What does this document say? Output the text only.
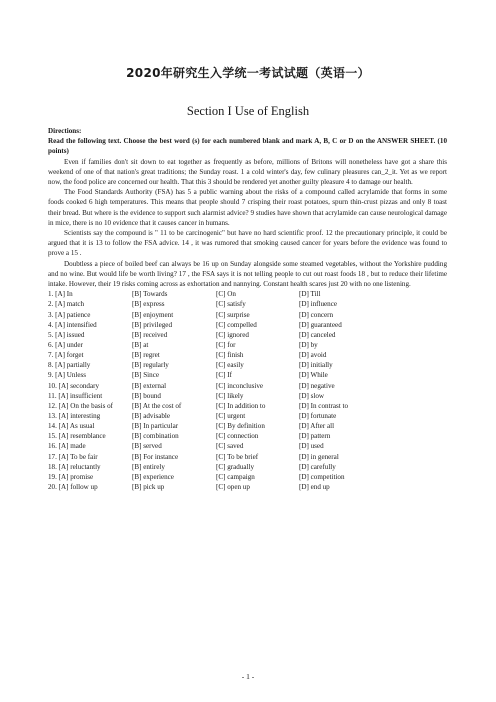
2020年研究生入学统一考试试题（英语一）
Section I Use of English

Directions:

Read the following text. Choose the best word (s) for each numbered blank and mark A, B, C or D on the ANSWER SHEET. (10 points)

Even if families don't sit down to eat together as frequently as before, millions of Britons will nonetheless have got a share this weekend of one of that nation's great traditions; the Sunday roast. 1 a cold winter's day, few culinary pleasures can_2_it. Yet as we report now, the food police are concerned our health. That this 3 should be rendered yet another guilty pleasure 4 to damage our health.

The Food Standards Authority (FSA) has 5 a public warning about the risks of a compound called acrylamide that forms in some foods cooked 6 high temperatures. This means that people should 7 crisping their roast potatoes, spurn thin-crust pizzas and only 8 toast their bread. But where is the evidence to support such alarmist advice? 9 studies have shown that acrylamide can cause neurological damage in mice, there is no 10 evidence that it causes cancer in humans.

Scientists say the compound is " 11 to be carcinogenic" but have no hard scientific proof. 12 the precautionary principle, it could be argued that it is 13 to follow the FSA advice. 14 , it was rumored that smoking caused cancer for years before the evidence was found to prove a 15 .

Doubtless a piece of boiled beef can always be 16 up on Sunday alongside some steamed vegetables, without the Yorkshire pudding and no wine. But would life be worth living? 17 , the FSA says it is not telling people to cut out roast foods 18 , but to reduce their lifetime intake. However, their 19 risks coming across as exhortation and nannying. Constant health scares just 20 with no one listening.

1. [A] In	[B] Towards	[C] On	[D] Till
2. [A] match	[B] express	[C] satisfy	[D] influence
3. [A] patience	[B] enjoyment	[C] surprise	[D] concern
4. [A] intensified	[B] privileged	[C] compelled	[D] guaranteed
5. [A] issued	[B] received	[C] ignored	[D] canceled
6. [A] under	[B] at	[C] for	[D] by
7. [A] forget	[B] regret	[C] finish	[D] avoid
8. [A] partially	[B] regularly	[C] easily	[D] initially
9. [A] Unless	[B] Since	[C] If	[D] While
10. [A] secondary	[B] external	[C] inconclusive	[D] negative
11. [A] insufficient	[B] bound	[C] likely	[D] slow
12. [A] On the basis of	[B] At the cost of	[C] In addition to	[D] In contrast to
13. [A] interesting	[B] advisable	[C] urgent	[D] fortunate
14. [A] As usual	[B] In particular	[C] By definition	[D] After all
15. [A] resemblance	[B] combination	[C] connection	[D] pattern
16. [A] made	[B] served	[C] saved	[D] used
17. [A] To be fair	[B] For instance	[C] To be brief	[D] in general
18. [A] reluctantly	[B] entirely	[C] gradually	[D] carefully
19. [A] promise	[B] experience	[C] campaign	[D] competition
20. [A] follow up	[B] pick up	[C] open up	[D] end up
- 1 -
